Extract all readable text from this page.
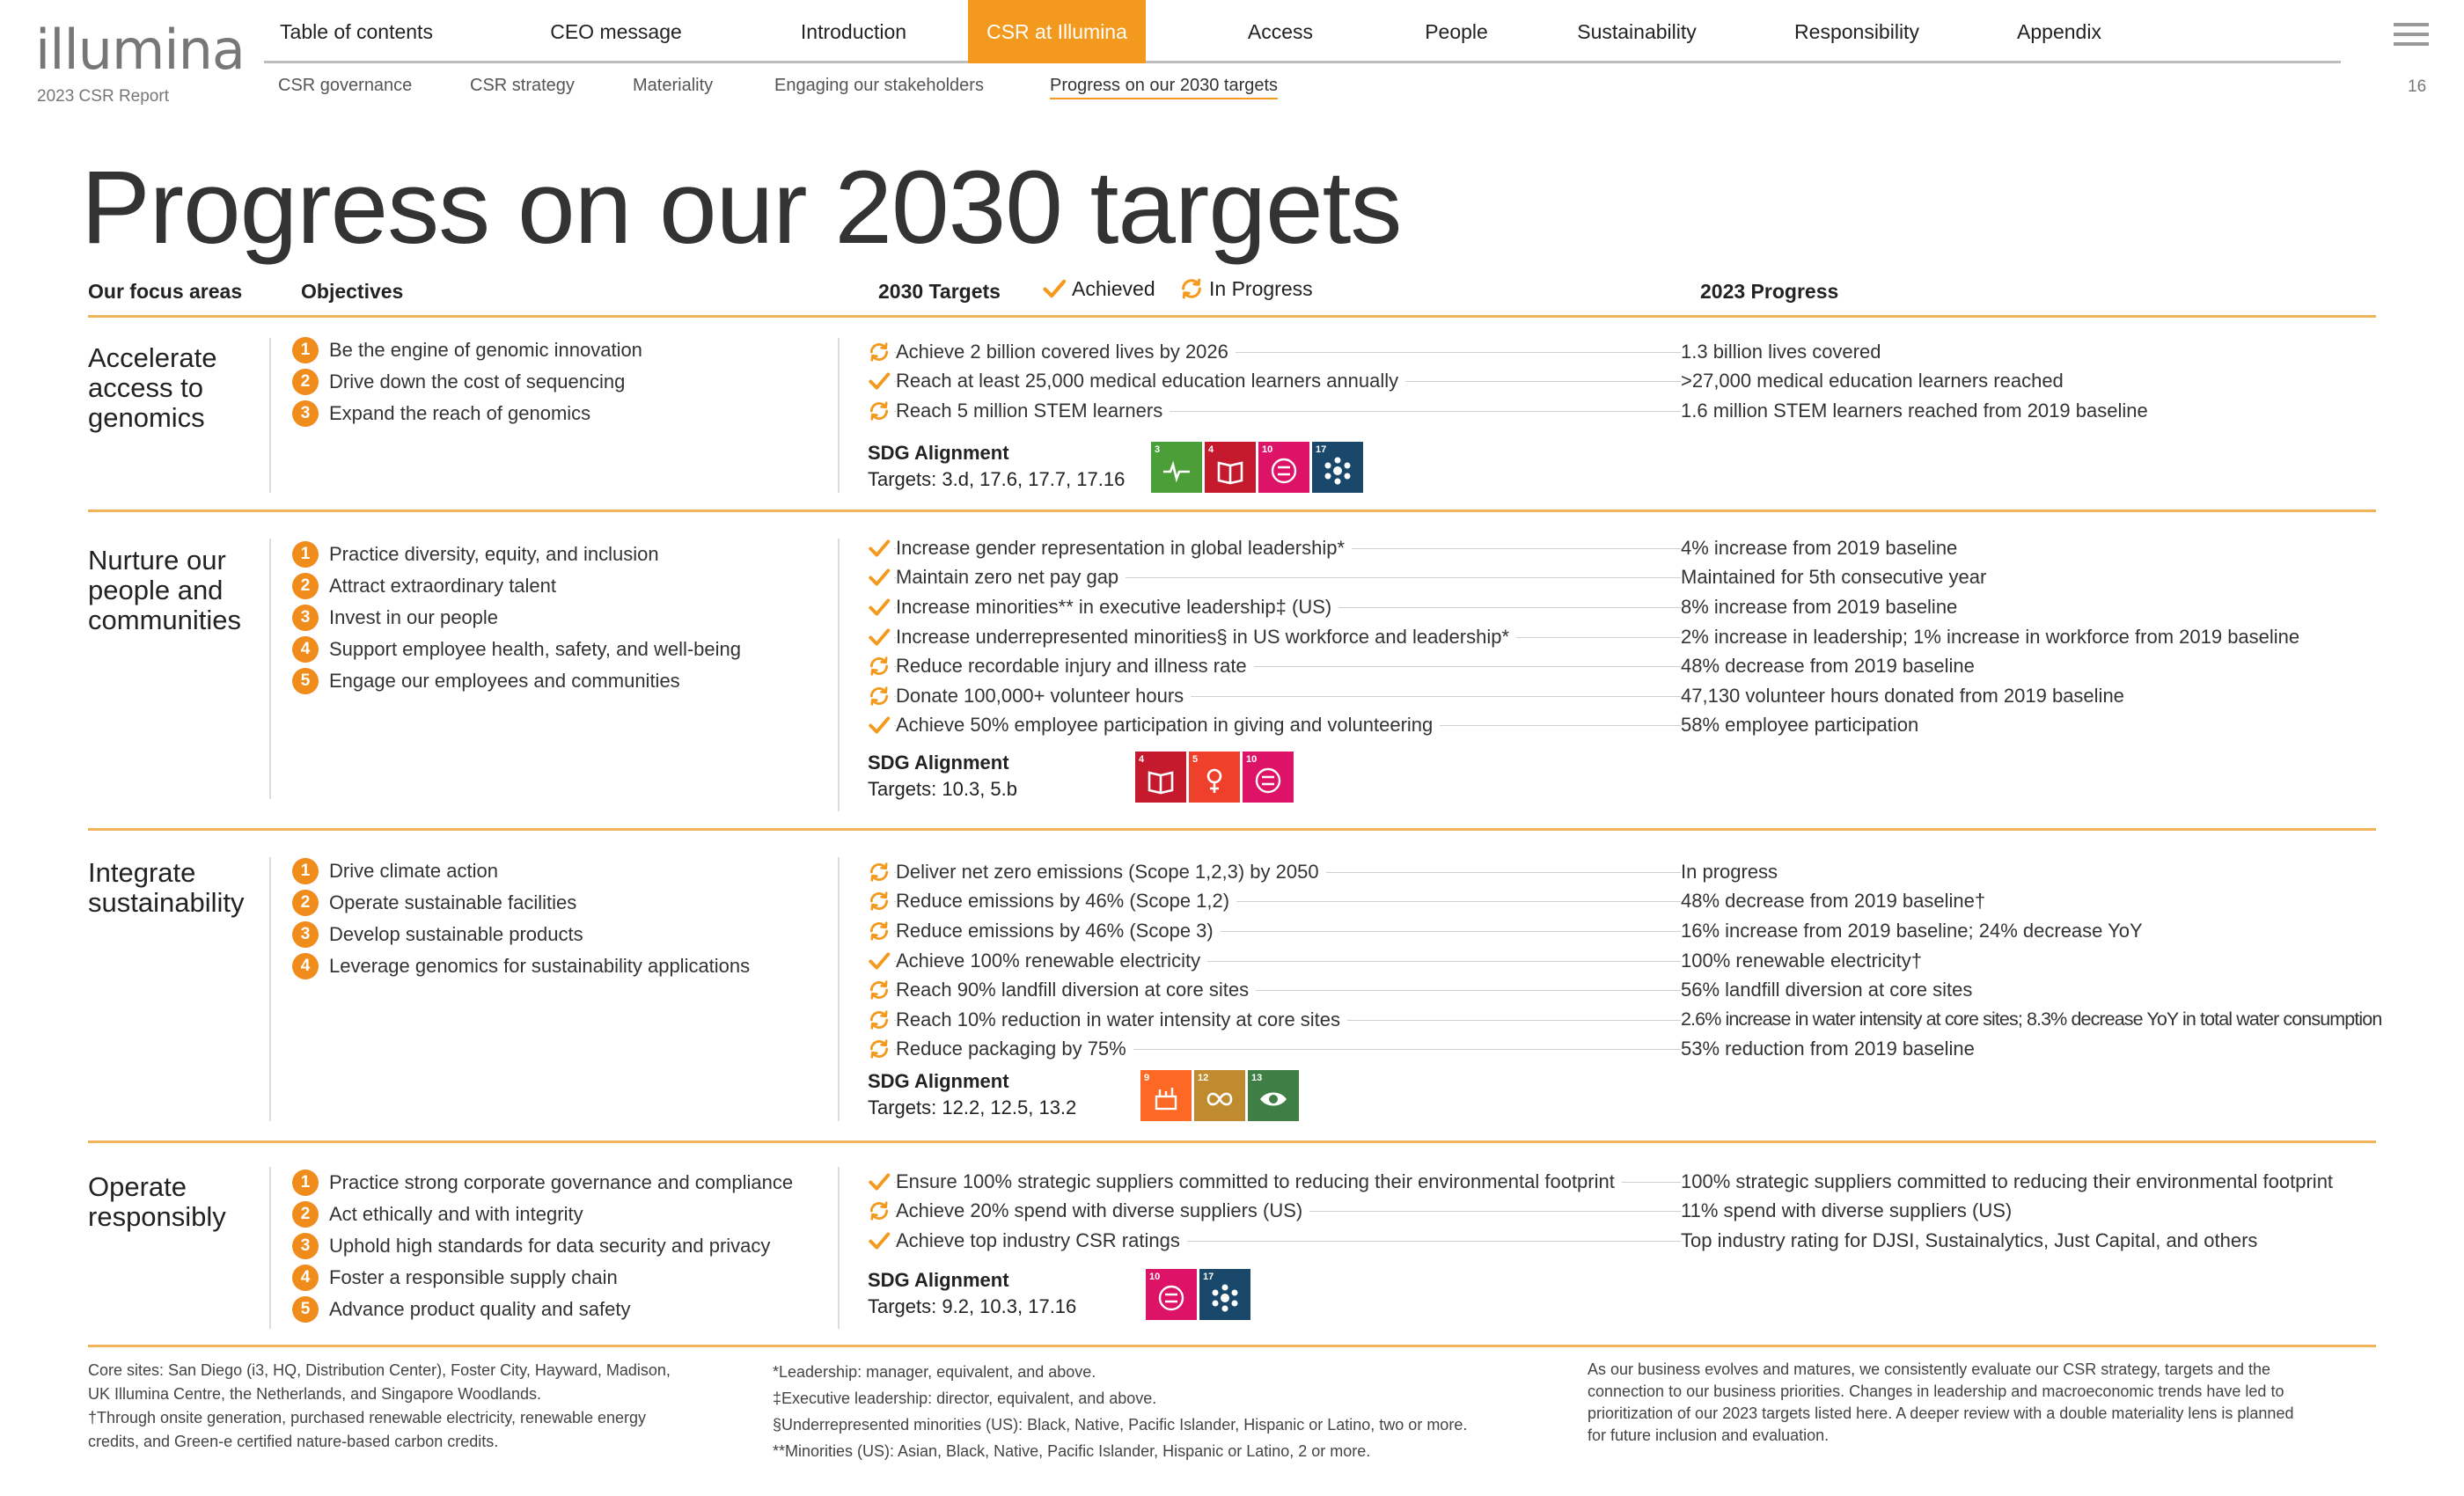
illumina
2023 CSR Report
Table of contents	CEO message	Introduction	CSR at Illumina	Access	People	Sustainability	Responsibility	Appendix
CSR governance	CSR strategy	Materiality	Engaging our stakeholders	Progress on our 2030 targets	16
Progress on our 2030 targets
Our focus areas	Objectives	2030 Targets	Achieved	In Progress	2023 Progress
Accelerate access to genomics
1 Be the engine of genomic innovation
2 Drive down the cost of sequencing
3 Expand the reach of genomics
Achieve 2 billion covered lives by 2026	1.3 billion lives covered
Reach at least 25,000 medical education learners annually	>27,000 medical education learners reached
Reach 5 million STEM learners	1.6 million STEM learners reached from 2019 baseline
SDG Alignment
Targets: 3.d, 17.6, 17.7, 17.16
3	4	10	17
Nurture our people and communities
1 Practice diversity, equity, and inclusion
2 Attract extraordinary talent
3 Invest in our people
4 Support employee health, safety, and well-being
5 Engage our employees and communities
Increase gender representation in global leadership*	4% increase from 2019 baseline
Maintain zero net pay gap	Maintained for 5th consecutive year
Increase minorities** in executive leadership‡ (US)	8% increase from 2019 baseline
Increase underrepresented minorities§ in US workforce and leadership*	2% increase in leadership; 1% increase in workforce from 2019 baseline
Reduce recordable injury and illness rate	48% decrease from 2019 baseline
Donate 100,000+ volunteer hours	47,130 volunteer hours donated from 2019 baseline
Achieve 50% employee participation in giving and volunteering	58% employee participation
SDG Alignment
Targets: 10.3, 5.b
4	5	10
Integrate sustainability
1 Drive climate action
2 Operate sustainable facilities
3 Develop sustainable products
4 Leverage genomics for sustainability applications
Deliver net zero emissions (Scope 1,2,3) by 2050	In progress
Reduce emissions by 46% (Scope 1,2)	48% decrease from 2019 baseline†
Reduce emissions by 46% (Scope 3)	16% increase from 2019 baseline; 24% decrease YoY
Achieve 100% renewable electricity	100% renewable electricity†
Reach 90% landfill diversion at core sites	56% landfill diversion at core sites
Reach 10% reduction in water intensity at core sites	2.6% increase in water intensity at core sites; 8.3% decrease YoY in total water consumption
Reduce packaging by 75%	53% reduction from 2019 baseline
SDG Alignment
Targets: 12.2, 12.5, 13.2
9	12	13
Operate responsibly
1 Practice strong corporate governance and compliance
2 Act ethically and with integrity
3 Uphold high standards for data security and privacy
4 Foster a responsible supply chain
5 Advance product quality and safety
Ensure 100% strategic suppliers committed to reducing their environmental footprint	100% strategic suppliers committed to reducing their environmental footprint
Achieve 20% spend with diverse suppliers (US)	11% spend with diverse suppliers (US)
Achieve top industry CSR ratings	Top industry rating for DJSI, Sustainalytics, Just Capital, and others
SDG Alignment
Targets: 9.2, 10.3, 17.16
10	17
Core sites: San Diego (i3, HQ, Distribution Center), Foster City, Hayward, Madison,
UK Illumina Centre, the Netherlands, and Singapore Woodlands.
†Through onsite generation, purchased renewable electricity, renewable energy
credits, and Green-e certified nature-based carbon credits.
*Leadership: manager, equivalent, and above.
‡Executive leadership: director, equivalent, and above.
§Underrepresented minorities (US): Black, Native, Pacific Islander, Hispanic or Latino, two or more.
**Minorities (US): Asian, Black, Native, Pacific Islander, Hispanic or Latino, 2 or more.
As our business evolves and matures, we consistently evaluate our CSR strategy, targets and the
connection to our business priorities. Changes in leadership and macroeconomic trends have led to
prioritization of our 2023 targets listed here. A deeper review with a double materiality lens is planned
for future inclusion and evaluation.
